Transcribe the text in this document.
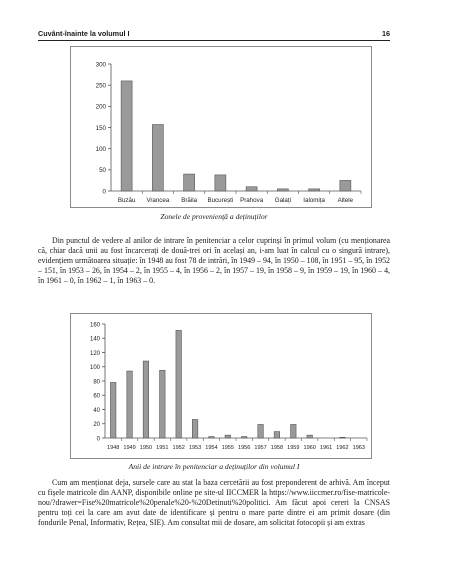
Cuvânt-înainte la volumul I	16
0
50
100
150
200
250
300
Buzău Vrancea Brăila București Prahova Galați Ialomița Altele
Zonele de proveniență a deținuților

Din punctul de vedere al anilor de intrare în penitenciar a celor cuprinși în primul volum (cu menționarea că, chiar dacă unii au fost încarcerați de două-trei ori în același an, i-am luat în calcul cu o singură intrare), evidențiem următoarea situație: în 1948 au fost 78 de intrări, în 1949 – 94, în 1950 – 108, în 1951 – 95, în 1952 – 151, în 1953 – 26, în 1954 – 2, în 1955 – 4, în 1956 – 2, în 1957 – 19, în 1958 – 9, în 1959 – 19, în 1960 – 4, în 1961 – 0, în 1962 – 1, în 1963 – 0.

0
20
40
60
80
100
120
140
160
1948 1949 1950 1951 1952 1953 1954 1955 1956 1957 1958 1959 1960 1961 1962 1963
Anii de intrare în penitenciar a deținuților din volumul I

Cum am menționat deja, sursele care au stat la baza cercetării au fost preponderent de arhivă. Am început cu fișele matricole din AANP, disponibile online pe site-ul IICCMER la https://www.iiccmer.ro/fise-matricole-nou/?drawer=Fise%20matricole%20penale%20-%20Detinuti%20politici. Am făcut apoi cereri la CNSAS pentru toți cei la care am avut date de identificare și pentru o mare parte dintre ei am primit dosare (din fondurile Penal, Informativ, Rețea, SIE). Am consultat mii de dosare, am solicitat fotocopii și am extras
